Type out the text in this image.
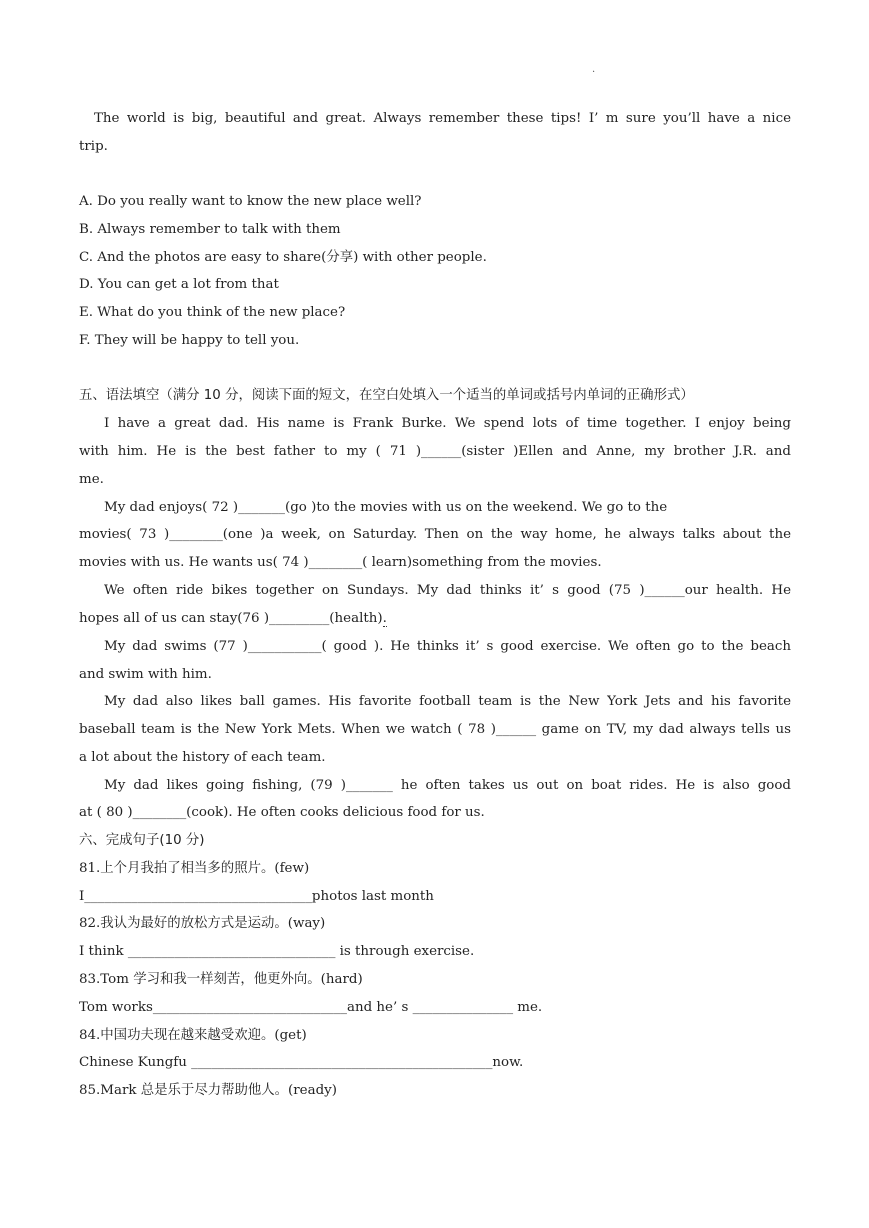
.
The world is big, beautiful and great. Always remember these tips! I’ m sure you’ll have a nice
trip.
A. Do you really want to know the new place well?
B. Always remember to talk with them
C. And the photos are easy to share(分享) with other people.
D. You can get a lot from that
E. What do you think of the new place?
F. They will be happy to tell you.
五、语法填空（满分 10 分，阅读下面的短文，在空白处填入一个适当的单词或括号内单词的正确形式）
I have a great dad. His name is Frank Burke. We spend lots of time together. I enjoy being
with him. He is the best father to my ( 71 )______(sister )Ellen and Anne, my brother J.R. and
me.
My dad enjoys( 72 )_______(go )to the movies with us on the weekend. We go to the
movies( 73 )________(one )a week, on Saturday. Then on the way home, he always talks about the
movies with us. He wants us( 74 )________( learn)something from the movies.
We often ride bikes together on Sundays. My dad thinks it’ s good (75 )______our health. He
hopes all of us can stay(76 )_________(health).
My dad swims (77 )___________( good ). He thinks it’ s good exercise. We often go to the beach
and swim with him.
My dad also likes ball games. His favorite football team is the New York Jets and his favorite
baseball team is the New York Mets. When we watch ( 78 )______ game on TV, my dad always tells us
a lot about the history of each team.
My dad likes going fishing, (79 )_______ he often takes us out on boat rides. He is also good
at ( 80 )________(cook). He often cooks delicious food for us.
六、完成句子(10 分)
81.上个月我拍了相当多的照片。(few)
I__________________________________photos last month
82.我认为最好的放松方式是运动。(way)
I think _______________________________ is through exercise.
83.Tom 学习和我一样刻苦，他更外向。(hard)
Tom works_____________________________and he’ s _______________ me.
84.中国功夫现在越来越受欢迎。(get)
Chinese Kungfu _____________________________________________now.
85.Mark 总是乐于尽力帮助他人。(ready)
